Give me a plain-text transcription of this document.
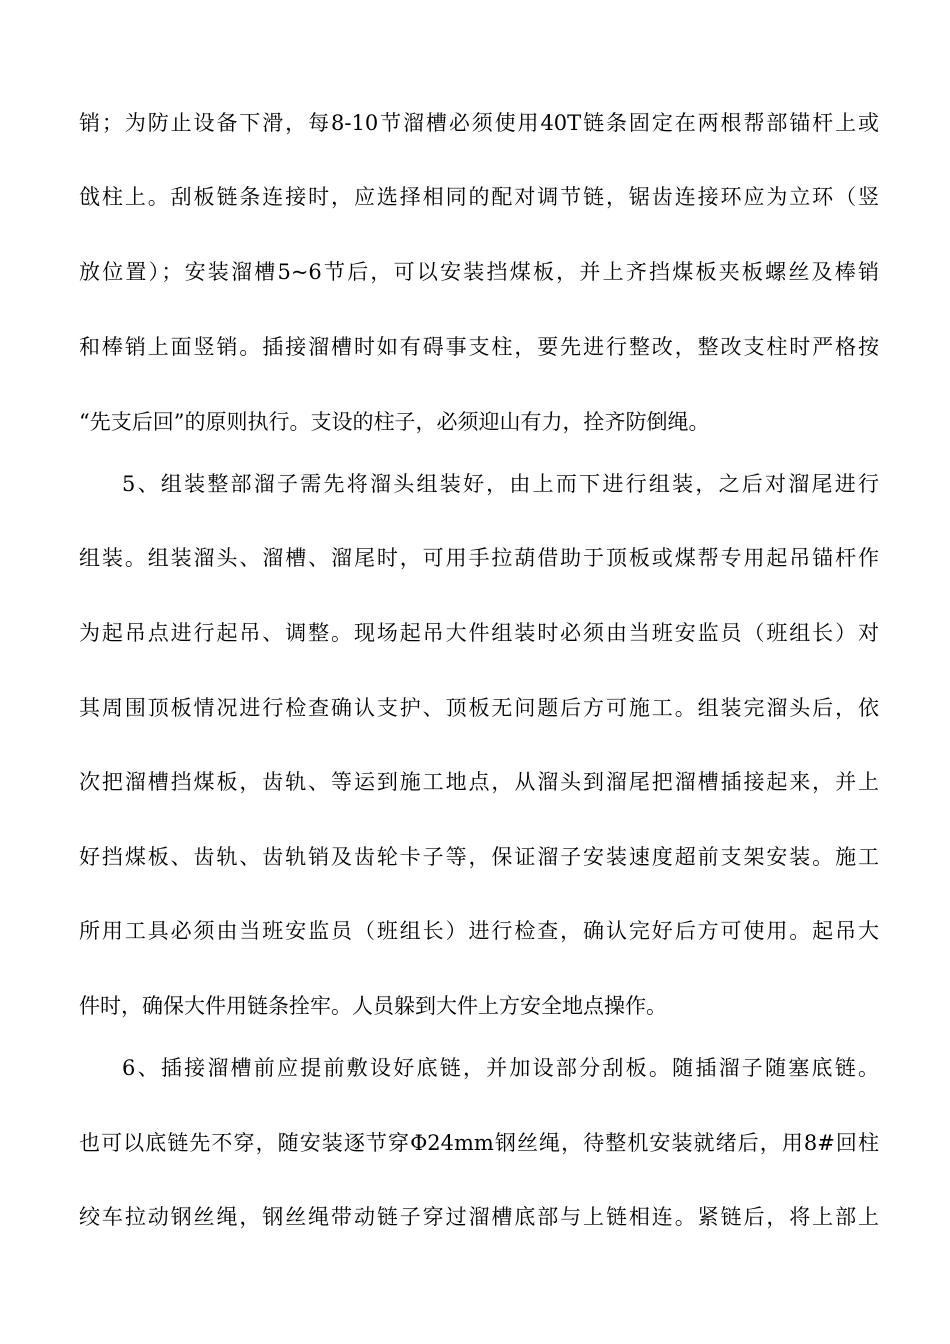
销；为防止设备下滑，每8-10节溜槽必须使用40T链条固定在两根帮部锚杆上或
戗柱上。刮板链条连接时，应选择相同的配对调节链，锯齿连接环应为立环（竖
放位置）；安装溜槽5~6节后，可以安装挡煤板，并上齐挡煤板夹板螺丝及棒销
和棒销上面竖销。插接溜槽时如有碍事支柱，要先进行整改，整改支柱时严格按
“先支后回”的原则执行。支设的柱子，必须迎山有力，拴齐防倒绳。
5、组装整部溜子需先将溜头组装好，由上而下进行组装，之后对溜尾进行
组装。组装溜头、溜槽、溜尾时，可用手拉葫借助于顶板或煤帮专用起吊锚杆作
为起吊点进行起吊、调整。现场起吊大件组装时必须由当班安监员（班组长）对
其周围顶板情况进行检查确认支护、顶板无问题后方可施工。组装完溜头后，依
次把溜槽挡煤板，齿轨、等运到施工地点，从溜头到溜尾把溜槽插接起来，并上
好挡煤板、齿轨、齿轨销及齿轮卡子等，保证溜子安装速度超前支架安装。施工
所用工具必须由当班安监员（班组长）进行检查，确认完好后方可使用。起吊大
件时，确保大件用链条拴牢。人员躲到大件上方安全地点操作。
6、插接溜槽前应提前敷设好底链，并加设部分刮板。随插溜子随塞底链。
也可以底链先不穿，随安装逐节穿Φ24mm钢丝绳，待整机安装就绪后，用8#回柱
绞车拉动钢丝绳，钢丝绳带动链子穿过溜槽底部与上链相连。紧链后，将上部上
